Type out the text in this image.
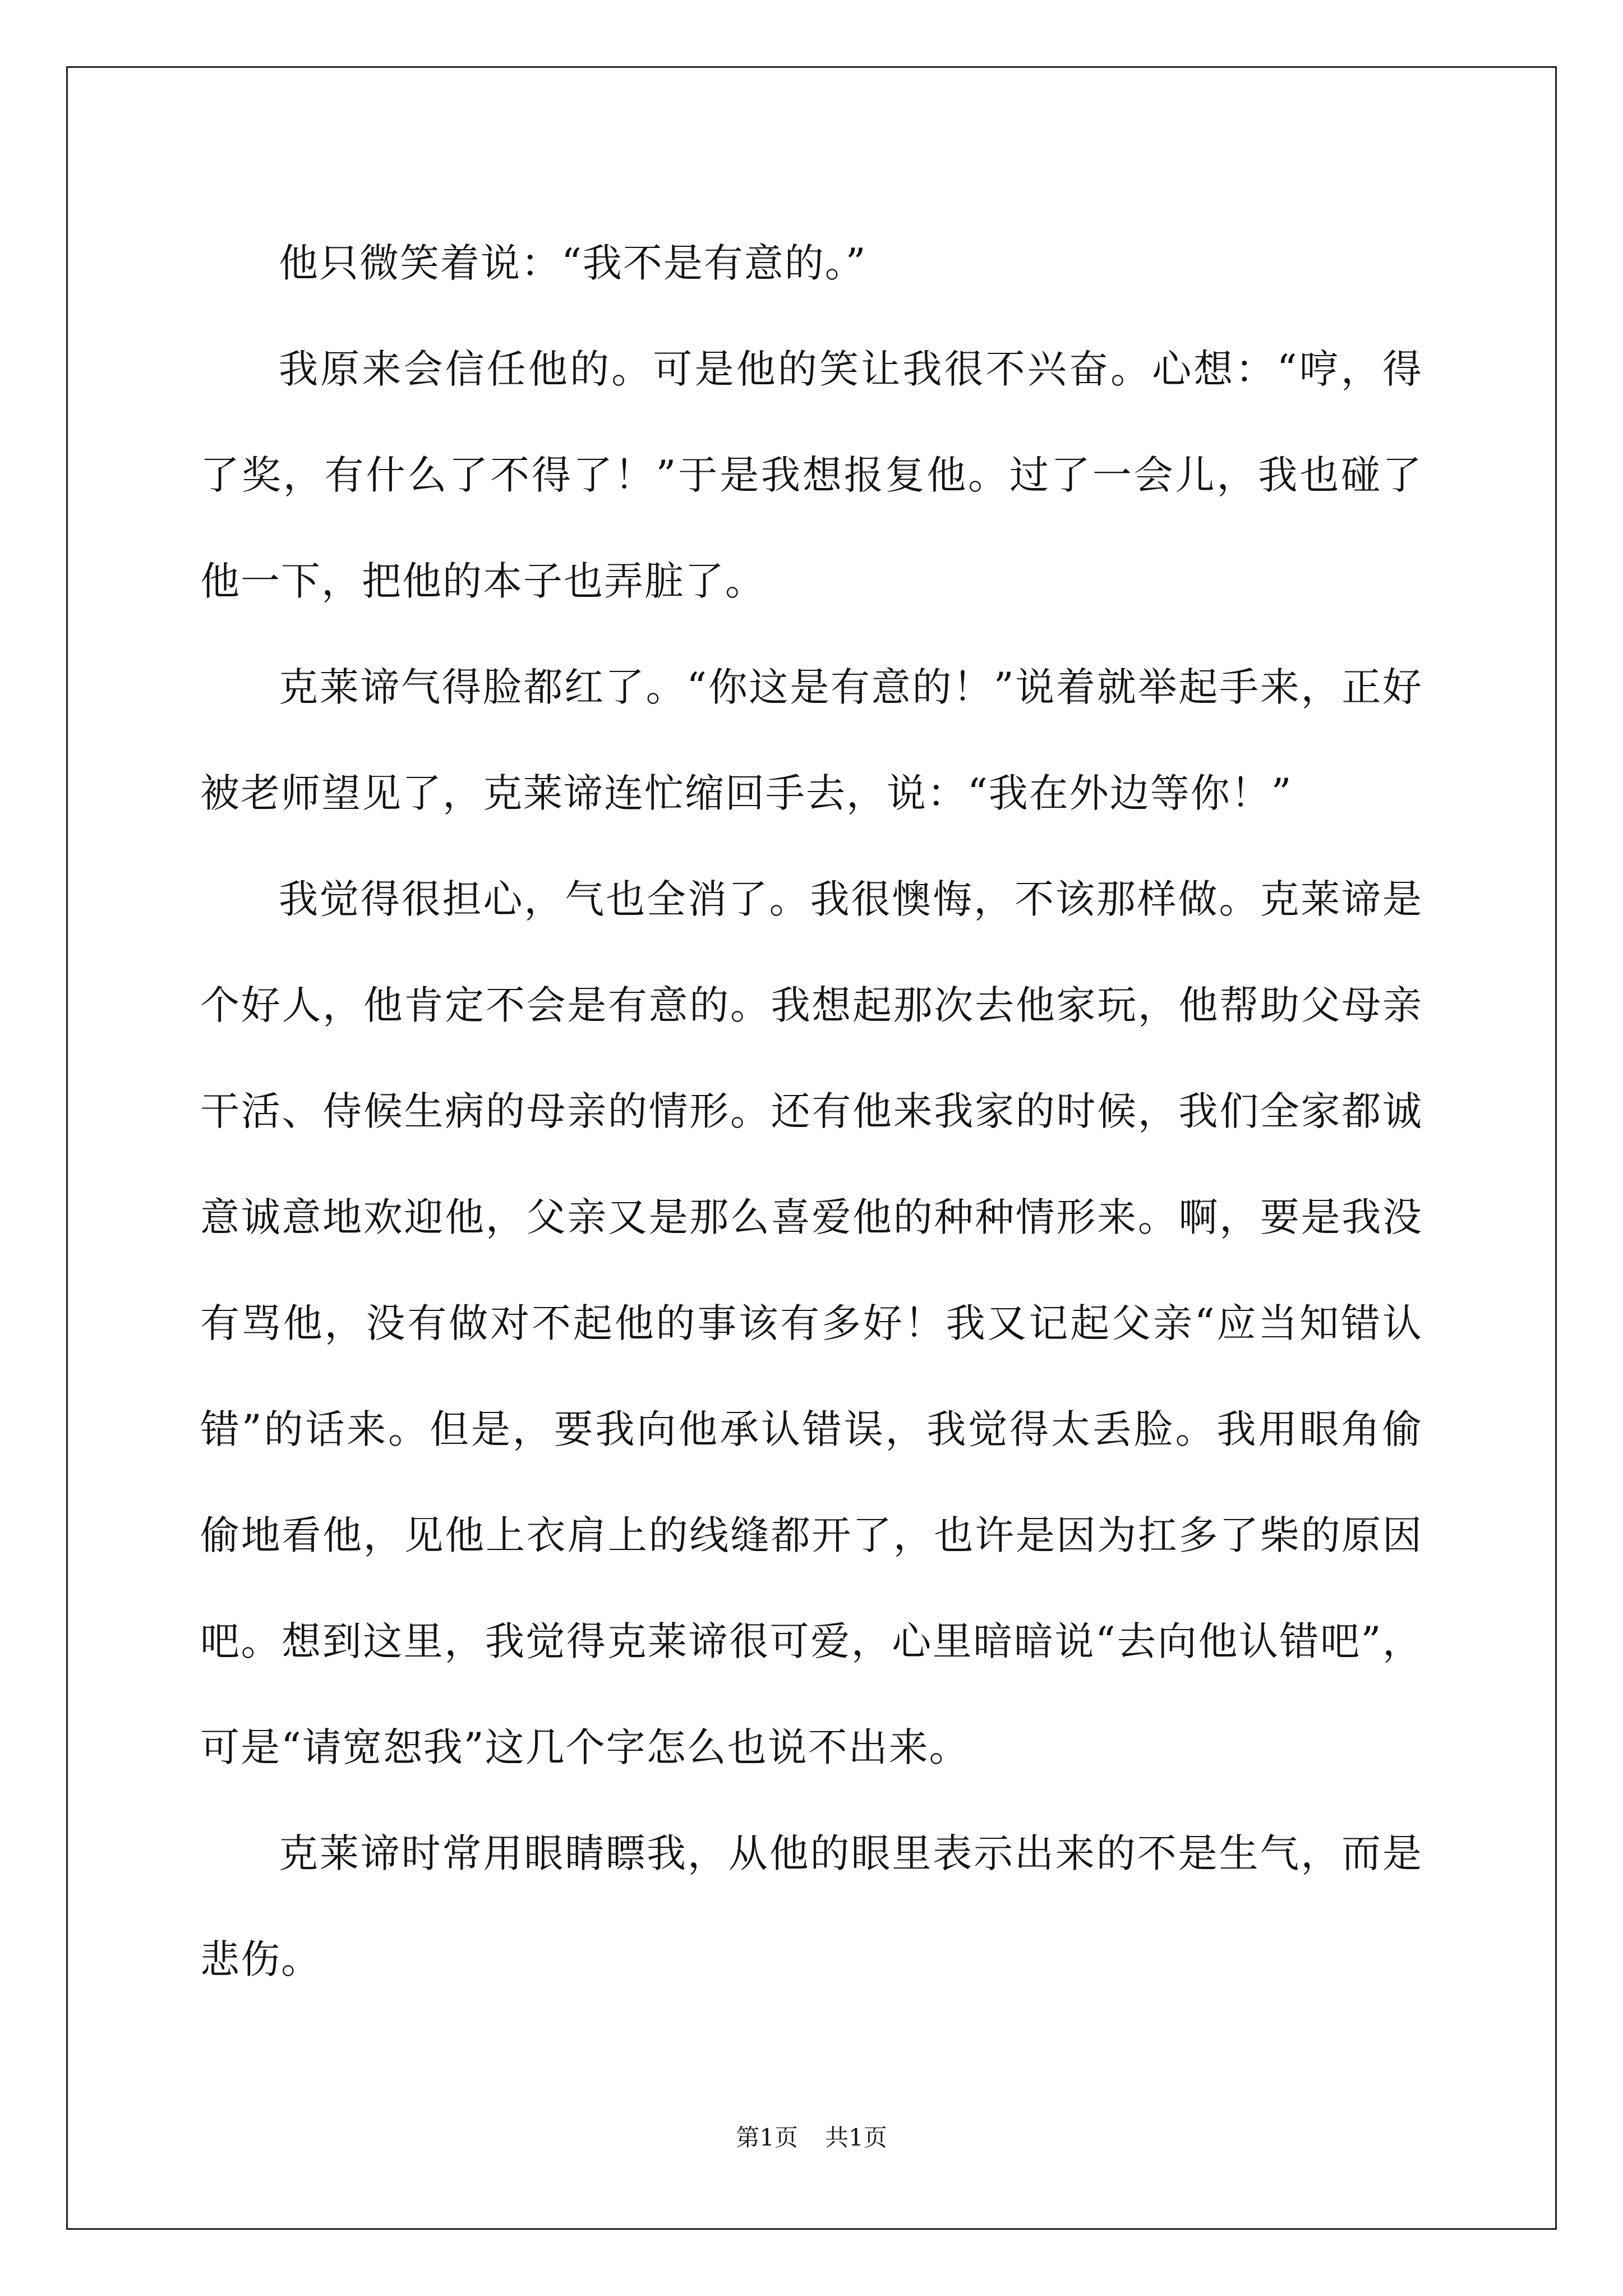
他只微笑着说：“我不是有意的。”

我原来会信任他的。可是他的笑让我很不兴奋。心想：“哼，得了奖，有什么了不得了！”于是我想报复他。过了一会儿，我也碰了他一下，把他的本子也弄脏了。

克莱谛气得脸都红了。“你这是有意的！”说着就举起手来，正好被老师望见了，克莱谛连忙缩回手去，说：“我在外边等你！”

我觉得很担心，气也全消了。我很懊悔，不该那样做。克莱谛是个好人，他肯定不会是有意的。我想起那次去他家玩，他帮助父母亲干活、侍候生病的母亲的情形。还有他来我家的时候，我们全家都诚意诚意地欢迎他，父亲又是那么喜爱他的种种情形来。啊，要是我没有骂他，没有做对不起他的事该有多好！我又记起父亲“应当知错认错”的话来。但是，要我向他承认错误，我觉得太丢脸。我用眼角偷偷地看他，见他上衣肩上的线缝都开了，也许是因为扛多了柴的原因吧。想到这里，我觉得克莱谛很可爱，心里暗暗说“去向他认错吧”，可是“请宽恕我”这几个字怎么也说不出来。

克莱谛时常用眼睛瞟我，从他的眼里表示出来的不是生气，而是悲伤。

第1页 共1页
